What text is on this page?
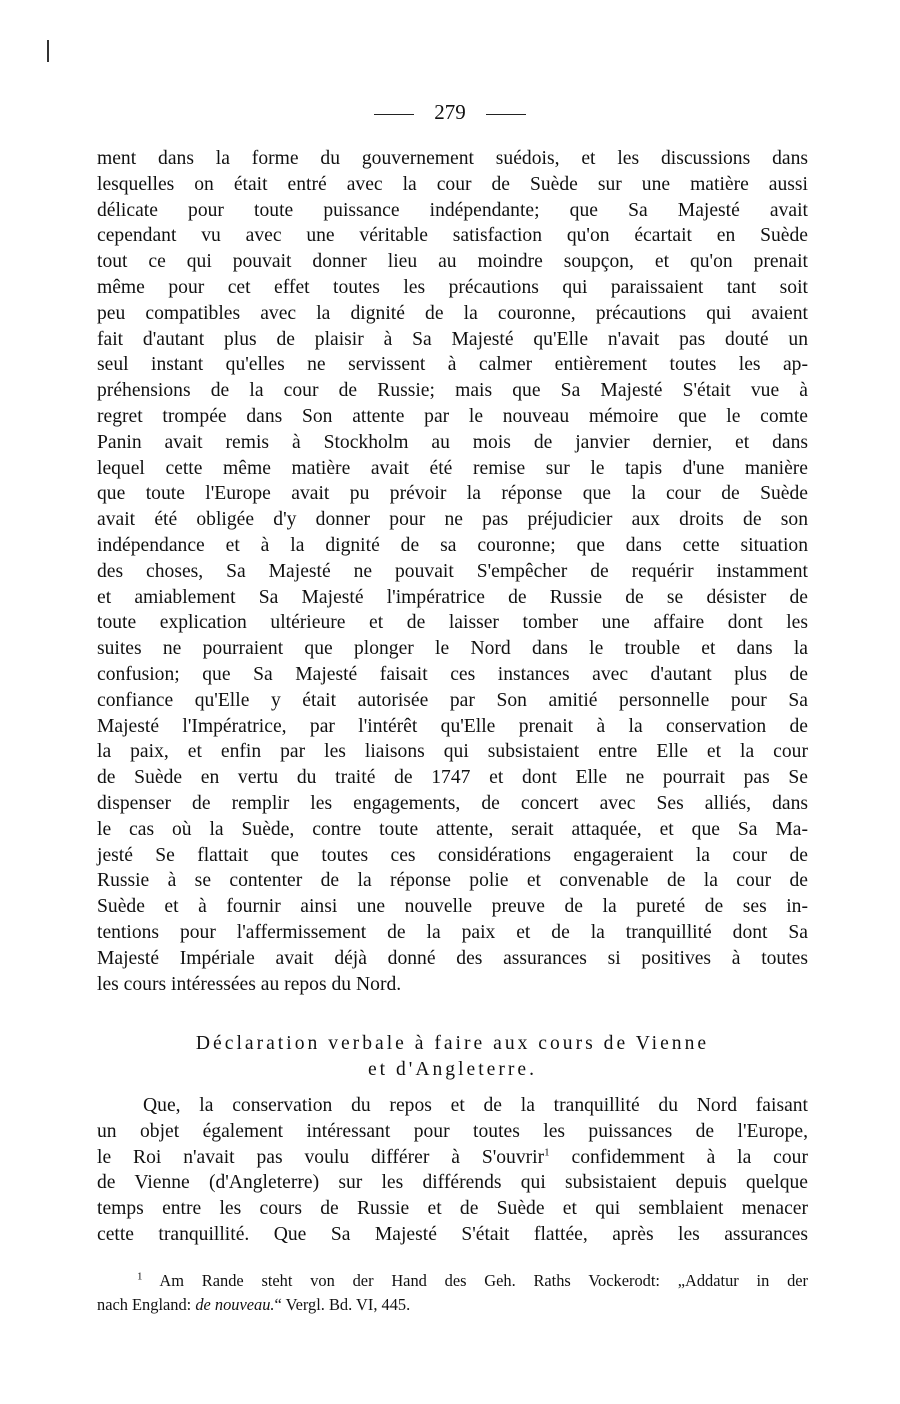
279
ment dans la forme du gouvernement suédois, et les discussions dans
lesquelles on était entré avec la cour de Suède sur une matière aussi
délicate pour toute puissance indépendante; que Sa Majesté avait
cependant vu avec une véritable satisfaction qu'on écartait en Suède
tout ce qui pouvait donner lieu au moindre soupçon, et qu'on prenait
même pour cet effet toutes les précautions qui paraissaient tant soit
peu compatibles avec la dignité de la couronne, précautions qui avaient
fait d'autant plus de plaisir à Sa Majesté qu'Elle n'avait pas douté un
seul instant qu'elles ne servissent à calmer entièrement toutes les ap-
préhensions de la cour de Russie; mais que Sa Majesté S'était vue à
regret trompée dans Son attente par le nouveau mémoire que le comte
Panin avait remis à Stockholm au mois de janvier dernier, et dans
lequel cette même matière avait été remise sur le tapis d'une manière
que toute l'Europe avait pu prévoir la réponse que la cour de Suède
avait été obligée d'y donner pour ne pas préjudicier aux droits de son
indépendance et à la dignité de sa couronne; que dans cette situation
des choses, Sa Majesté ne pouvait S'empêcher de requérir instamment
et amiablement Sa Majesté l'impératrice de Russie de se désister de
toute explication ultérieure et de laisser tomber une affaire dont les
suites ne pourraient que plonger le Nord dans le trouble et dans la
confusion; que Sa Majesté faisait ces instances avec d'autant plus de
confiance qu'Elle y était autorisée par Son amitié personnelle pour Sa
Majesté l'Impératrice, par l'intérêt qu'Elle prenait à la conservation de
la paix, et enfin par les liaisons qui subsistaient entre Elle et la cour
de Suède en vertu du traité de 1747 et dont Elle ne pourrait pas Se
dispenser de remplir les engagements, de concert avec Ses alliés, dans
le cas où la Suède, contre toute attente, serait attaquée, et que Sa Ma-
jesté Se flattait que toutes ces considérations engageraient la cour de
Russie à se contenter de la réponse polie et convenable de la cour de
Suède et à fournir ainsi une nouvelle preuve de la pureté de ses in-
tentions pour l'affermissement de la paix et de la tranquillité dont Sa
Majesté Impériale avait déjà donné des assurances si positives à toutes
les cours intéressées au repos du Nord.
Déclaration verbale à faire aux cours de Vienne
et d'Angleterre.
Que, la conservation du repos et de la tranquillité du Nord faisant
un objet également intéressant pour toutes les puissances de l'Europe,
le Roi n'avait pas voulu différer à S'ouvrir$^1$ confidemment à la cour
de Vienne (d'Angleterre) sur les différends qui subsistaient depuis quelque
temps entre les cours de Russie et de Suède et qui semblaient menacer
cette tranquillité. Que Sa Majesté S'était flattée, après les assurances
$^1$ Am Rande steht von der Hand des Geh. Raths Vockerodt: „Addatur in der
nach England: de nouveau.“ Vergl. Bd. VI, 445.
